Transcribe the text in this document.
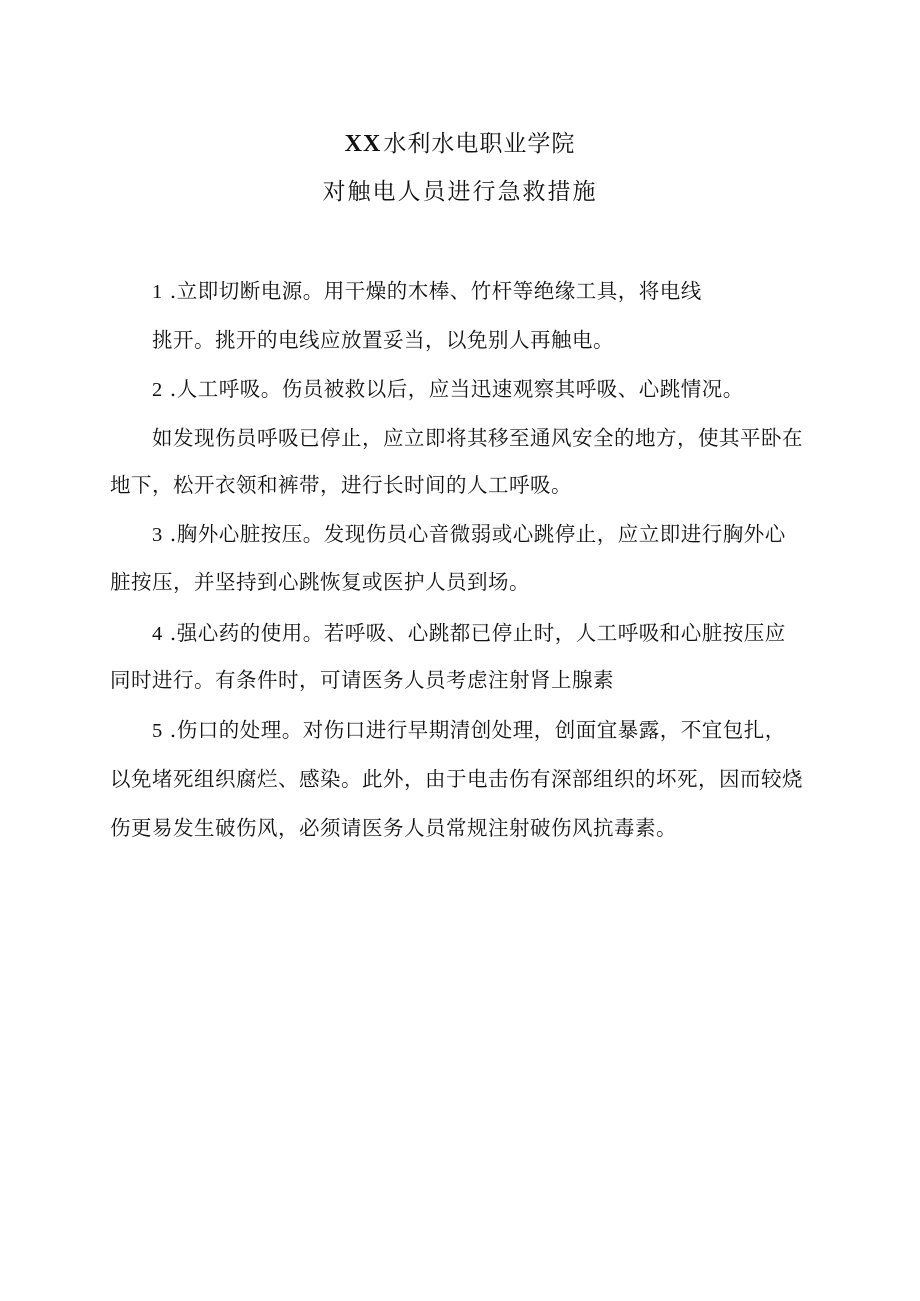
XX水利水电职业学院
对触电人员进行急救措施
1 .立即切断电源。用干燥的木棒、竹杆等绝缘工具，将电线
挑开。挑开的电线应放置妥当，以免别人再触电。
2 .人工呼吸。伤员被救以后，应当迅速观察其呼吸、心跳情况。
如发现伤员呼吸已停止，应立即将其移至通风安全的地方，使其平卧在
地下，松开衣领和裤带，进行长时间的人工呼吸。
3 .胸外心脏按压。发现伤员心音微弱或心跳停止，应立即进行胸外心
脏按压，并坚持到心跳恢复或医护人员到场。
4 .强心药的使用。若呼吸、心跳都已停止时，人工呼吸和心脏按压应
同时进行。有条件时，可请医务人员考虑注射肾上腺素
5 .伤口的处理。对伤口进行早期清创处理，创面宜暴露，不宜包扎，
以免堵死组织腐烂、感染。此外，由于电击伤有深部组织的坏死，因而较烧
伤更易发生破伤风，必须请医务人员常规注射破伤风抗毒素。
